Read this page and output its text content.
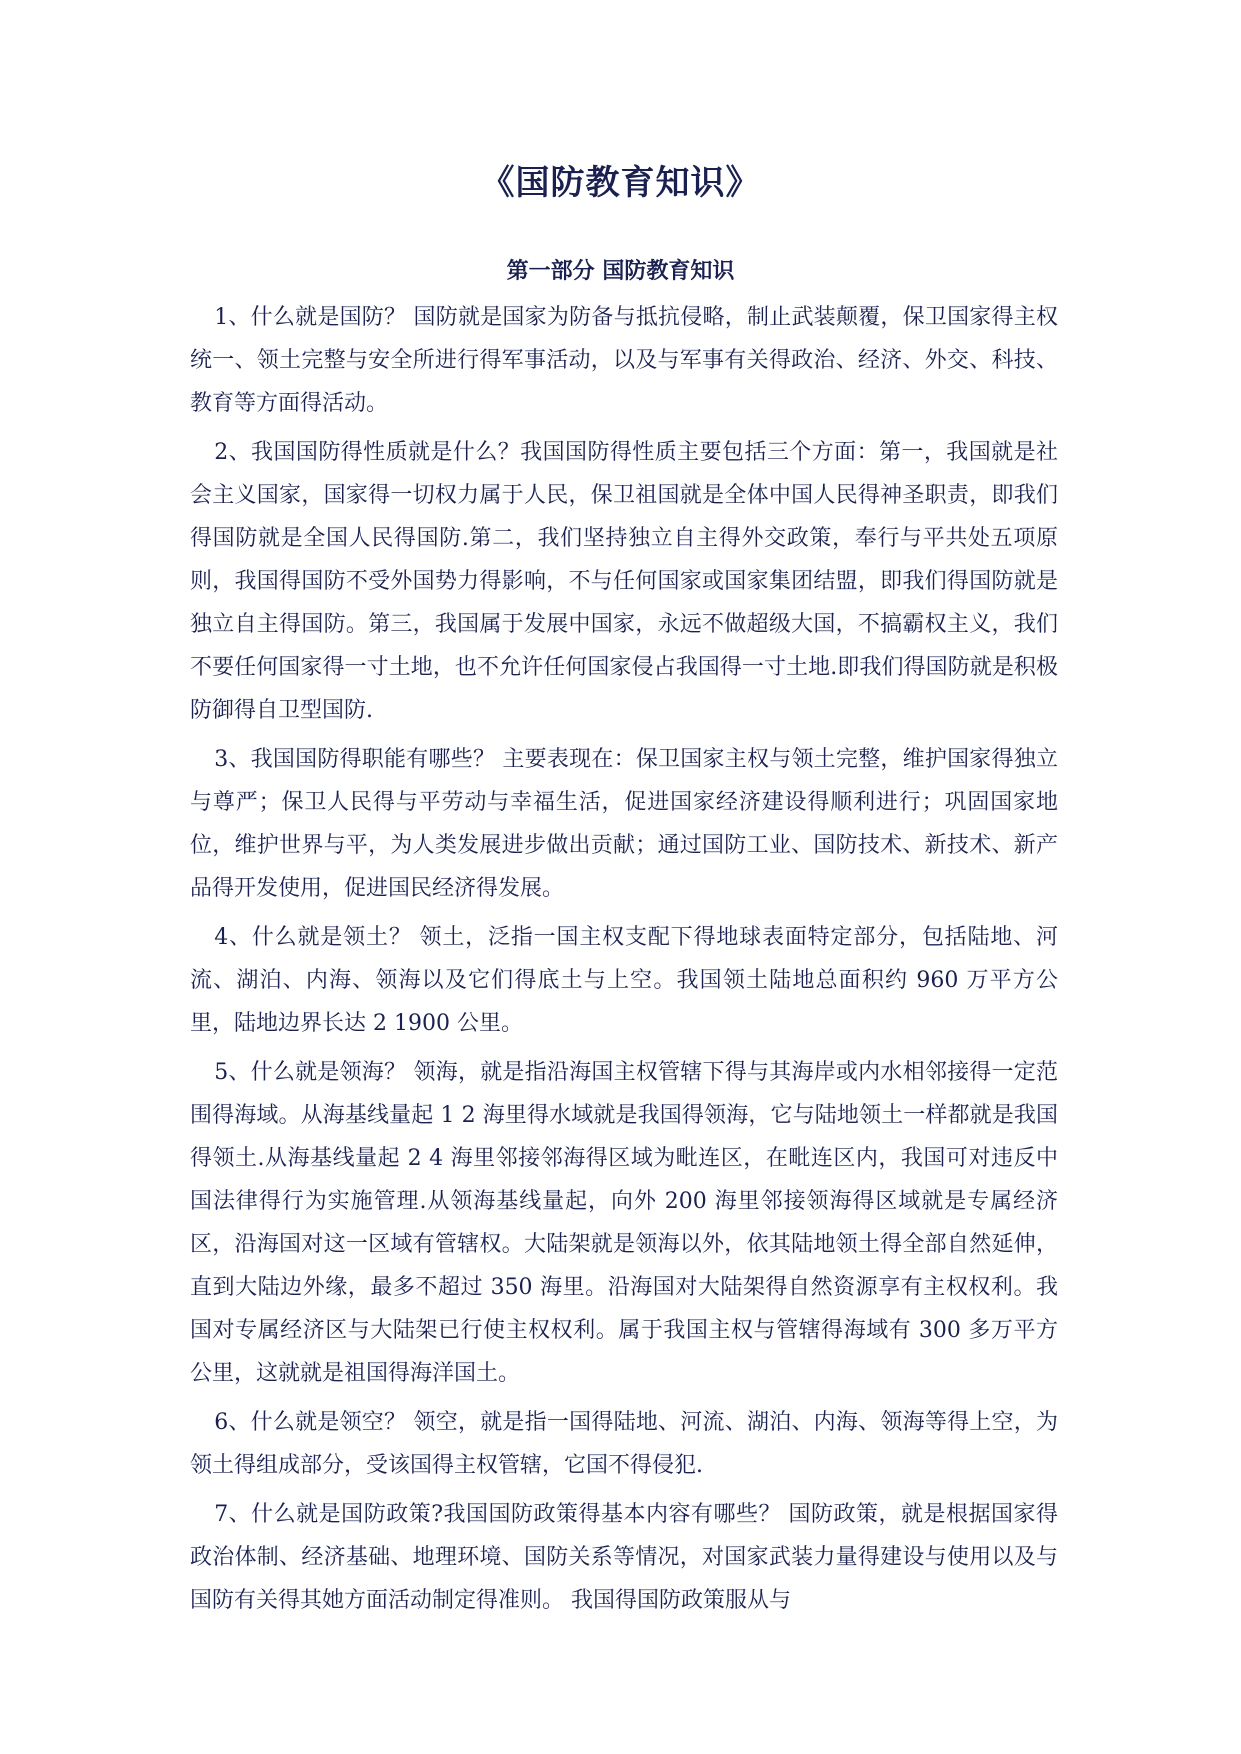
《国防教育知识》
第一部分 国防教育知识

1、什么就是国防？ 国防就是国家为防备与抵抗侵略，制止武装颠覆，保卫国家得主权统一、领土完整与安全所进行得军事活动，以及与军事有关得政治、经济、外交、科技、教育等方面得活动。

2、我国国防得性质就是什么？我国国防得性质主要包括三个方面：第一，我国就是社会主义国家，国家得一切权力属于人民，保卫祖国就是全体中国人民得神圣职责，即我们得国防就是全国人民得国防.第二，我们坚持独立自主得外交政策，奉行与平共处五项原则，我国得国防不受外国势力得影响，不与任何国家或国家集团结盟，即我们得国防就是独立自主得国防。第三，我国属于发展中国家，永远不做超级大国，不搞霸权主义，我们不要任何国家得一寸土地，也不允许任何国家侵占我国得一寸土地.即我们得国防就是积极防御得自卫型国防.

3、我国国防得职能有哪些？ 主要表现在：保卫国家主权与领土完整，维护国家得独立与尊严；保卫人民得与平劳动与幸福生活，促进国家经济建设得顺利进行；巩固国家地位，维护世界与平，为人类发展进步做出贡献；通过国防工业、国防技术、新技术、新产品得开发使用，促进国民经济得发展。

4、什么就是领土？ 领土，泛指一国主权支配下得地球表面特定部分，包括陆地、河流、湖泊、内海、领海以及它们得底土与上空。我国领土陆地总面积约 960 万平方公里，陆地边界长达 2 1900 公里。

5、什么就是领海？ 领海，就是指沿海国主权管辖下得与其海岸或内水相邻接得一定范围得海域。从海基线量起 1 2 海里得水域就是我国得领海，它与陆地领土一样都就是我国得领土.从海基线量起 2 4 海里邻接邻海得区域为毗连区，在毗连区内，我国可对违反中国法律得行为实施管理.从领海基线量起，向外 200 海里邻接领海得区域就是专属经济区，沿海国对这一区域有管辖权。大陆架就是领海以外，依其陆地领土得全部自然延伸，直到大陆边外缘，最多不超过 350 海里。沿海国对大陆架得自然资源享有主权权利。我国对专属经济区与大陆架已行使主权权利。属于我国主权与管辖得海域有 300 多万平方公里，这就就是祖国得海洋国土。

6、什么就是领空？ 领空，就是指一国得陆地、河流、湖泊、内海、领海等得上空，为领土得组成部分，受该国得主权管辖，它国不得侵犯.

7、什么就是国防政策?我国国防政策得基本内容有哪些？ 国防政策，就是根据国家得政治体制、经济基础、地理环境、国防关系等情况，对国家武装力量得建设与使用以及与国防有关得其她方面活动制定得准则。 我国得国防政策服从与
